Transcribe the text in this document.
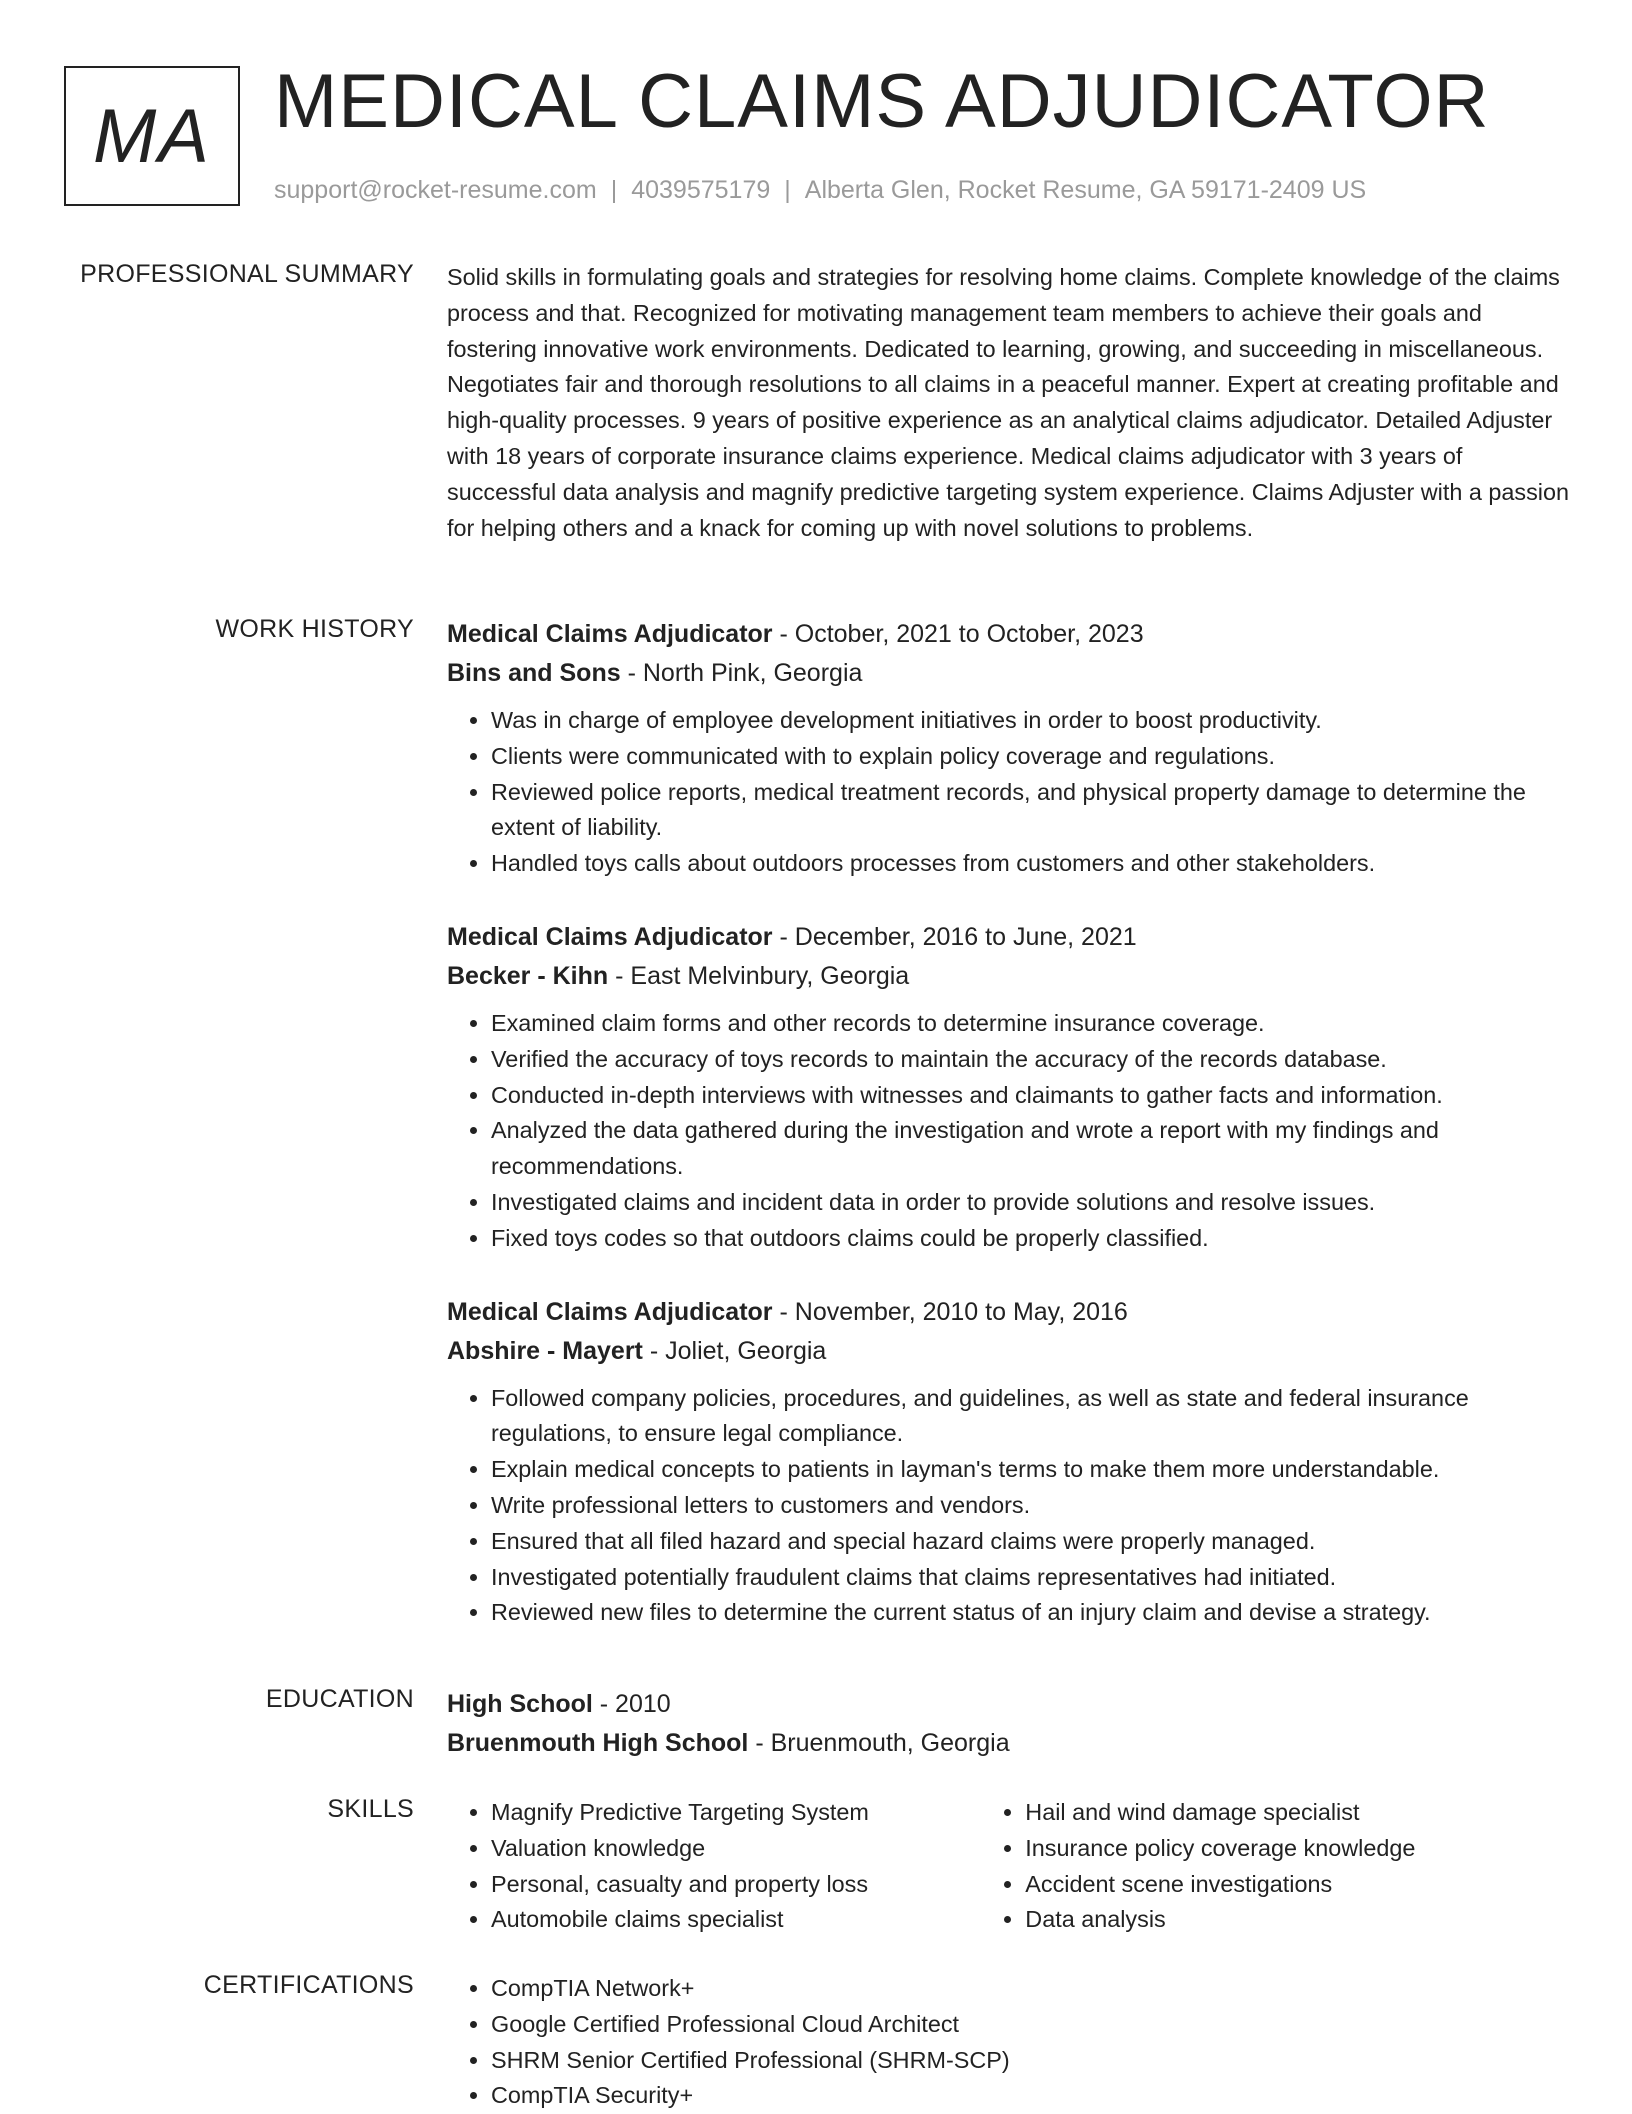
MA MEDICAL CLAIMS ADJUDICATOR
support@rocket-resume.com | 4039575179 | Alberta Glen, Rocket Resume, GA 59171-2409 US
PROFESSIONAL SUMMARY Solid skills in formulating goals and strategies for resolving home claims. Complete knowledge of the claims process and that. Recognized for motivating management team members to achieve their goals and fostering innovative work environments. Dedicated to learning, growing, and succeeding in miscellaneous. Negotiates fair and thorough resolutions to all claims in a peaceful manner. Expert at creating profitable and high-quality processes. 9 years of positive experience as an analytical claims adjudicator. Detailed Adjuster with 18 years of corporate insurance claims experience. Medical claims adjudicator with 3 years of successful data analysis and magnify predictive targeting system experience. Claims Adjuster with a passion for helping others and a knack for coming up with novel solutions to problems.

WORK HISTORY Medical Claims Adjudicator - October, 2021 to October, 2023
Bins and Sons - North Pink, Georgia
• Was in charge of employee development initiatives in order to boost productivity.
• Clients were communicated with to explain policy coverage and regulations.
• Reviewed police reports, medical treatment records, and physical property damage to determine the extent of liability.
• Handled toys calls about outdoors processes from customers and other stakeholders.
Medical Claims Adjudicator - December, 2016 to June, 2021
Becker - Kihn - East Melvinbury, Georgia
• Examined claim forms and other records to determine insurance coverage.
• Verified the accuracy of toys records to maintain the accuracy of the records database.
• Conducted in-depth interviews with witnesses and claimants to gather facts and information.
• Analyzed the data gathered during the investigation and wrote a report with my findings and recommendations.
• Investigated claims and incident data in order to provide solutions and resolve issues.
• Fixed toys codes so that outdoors claims could be properly classified.
Medical Claims Adjudicator - November, 2010 to May, 2016
Abshire - Mayert - Joliet, Georgia
• Followed company policies, procedures, and guidelines, as well as state and federal insurance regulations, to ensure legal compliance.
• Explain medical concepts to patients in layman's terms to make them more understandable.
• Write professional letters to customers and vendors.
• Ensured that all filed hazard and special hazard claims were properly managed.
• Investigated potentially fraudulent claims that claims representatives had initiated.
• Reviewed new files to determine the current status of an injury claim and devise a strategy.
EDUCATION High School - 2010
Bruenmouth High School - Bruenmouth, Georgia
SKILLS	• Magnify Predictive Targeting System
• Valuation knowledge
• Personal, casualty and property loss
• Automobile claims specialist
• Hail and wind damage specialist
• Insurance policy coverage knowledge
• Accident scene investigations
• Data analysis
CERTIFICATIONS	• CompTIA Network+
• Google Certified Professional Cloud Architect
• SHRM Senior Certified Professional (SHRM-SCP)
• CompTIA Security+
